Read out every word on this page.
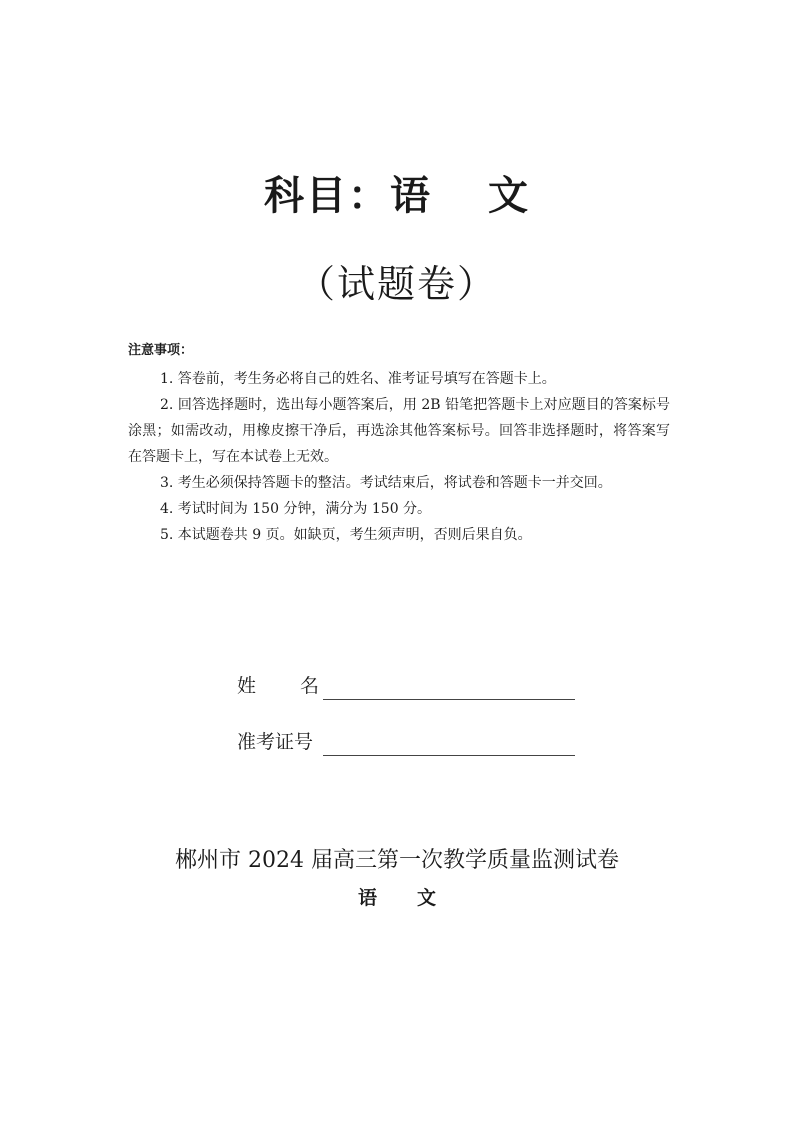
科目：语 文
（试题卷）
注意事项：

1. 答卷前，考生务必将自己的姓名、准考证号填写在答题卡上。

2. 回答选择题时，选出每小题答案后，用 2B 铅笔把答题卡上对应题目的答案标号涂黑；如需改动，用橡皮擦干净后，再选涂其他答案标号。回答非选择题时，将答案写在答题卡上，写在本试卷上无效。

3. 考生必须保持答题卡的整洁。考试结束后，将试卷和答题卡一并交回。

4. 考试时间为 150 分钟，满分为 150 分。

5. 本试题卷共 9 页。如缺页，考生须声明，否则后果自负。

姓名
准考证号
郴州市 2024 届高三第一次教学质量监测试卷
语 文
